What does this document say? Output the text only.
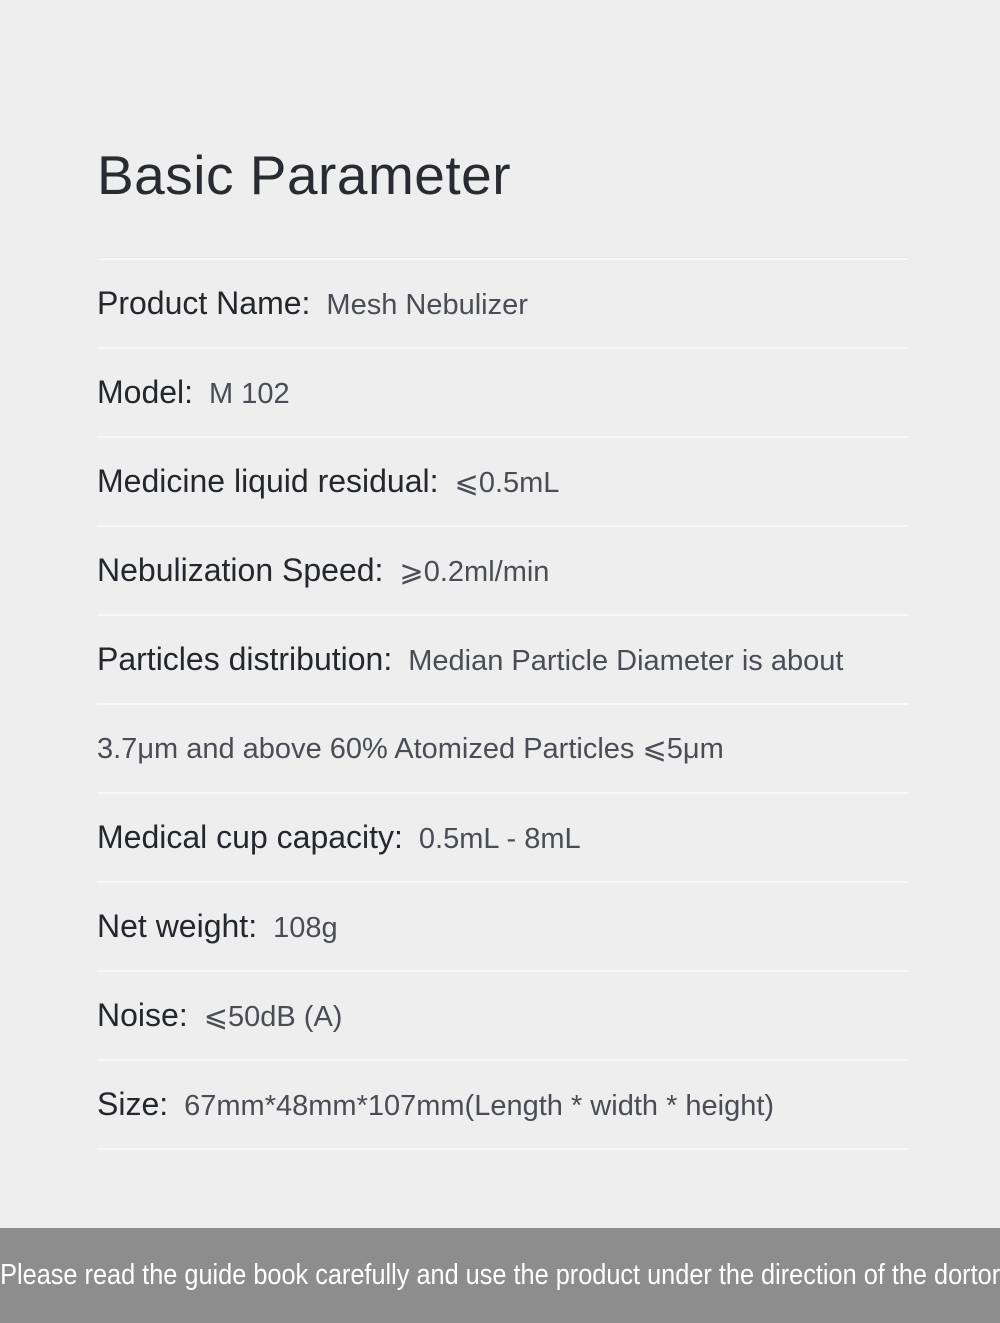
Basic Parameter
Product Name: Mesh Nebulizer
Model: M 102
Medicine liquid residual: ⩽0.5mL
Nebulization Speed: ⩾0.2ml/min
Particles distribution: Median Particle Diameter is about
3.7μm and above 60% Atomized Particles ⩽5μm
Medical cup capacity: 0.5mL - 8mL
Net weight: 108g
Noise: ⩽50dB (A)
Size: 67mm*48mm*107mm(Length * width * height)
Please read the guide book carefully and use the product under the direction of the dortor
